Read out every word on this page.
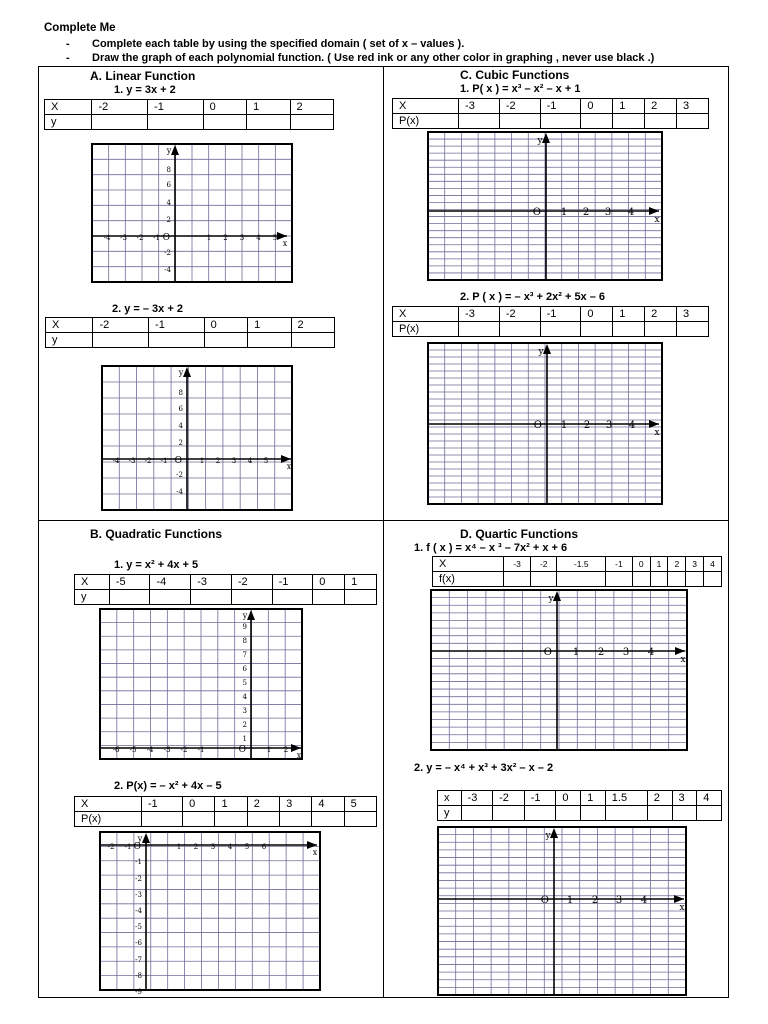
Complete Me
- Complete each table by using the specified domain ( set of x – values ).
- Draw the graph of each polynomial function. ( Use red ink or any other color in graphing , never use black .)
A. Linear Function
1. y = 3x + 2
2. y = – 3x + 2
B. Quadratic Functions
1. y = x² + 4x + 5
2. P(x) = – x² + 4x – 5
C. Cubic Functions
1. P( x ) = x³ – x² – x + 1
2. P ( x ) = – x³ + 2x² + 5x – 6
D. Quartic Functions
1. f ( x ) = x⁴ – x ³ – 7x² + x + 6
2. y = – x⁴ + x³ + 3x² – x – 2
X	-2	-1	0	1	2
y					
X	-2	-1	0	1	2
y					
X	-5	-4	-3	-2	-1	0	1
y							
X	-1	0	1	2	3	4	5
P(x)							
X	-3	-2	-1	0	1	2	3
P(x)							
X	-3	-2	-1	0	1	2	3
P(x)							
X	-3	-2	-1.5	-1	0	1	2	3	4
f(x)									
x	-3	-2	-1	0	1	1.5	2	3	4
y									
y
x
O
-4 -3 -2 -1	1 2 3 4 5
8
6
4
2
-2
-4
y
x
O
-4 -3 -2 -1	1 2 3 4 5
8
6
4
2
-2
-4
y
x
O
-6 -5 -4 -3 -2 -1	1 2
9
8
7
6
5
4
3
2
1
y
x
O
-2 -1	1 2 3 4 5 6
-1
-2
-3
-4
-5
-6
-7
-8
-9
y
x
O 1 2 3 4
y
x
O 1 2 3 4
y
x
O 1 2 3 4
y
x
O 1 2 3 4
